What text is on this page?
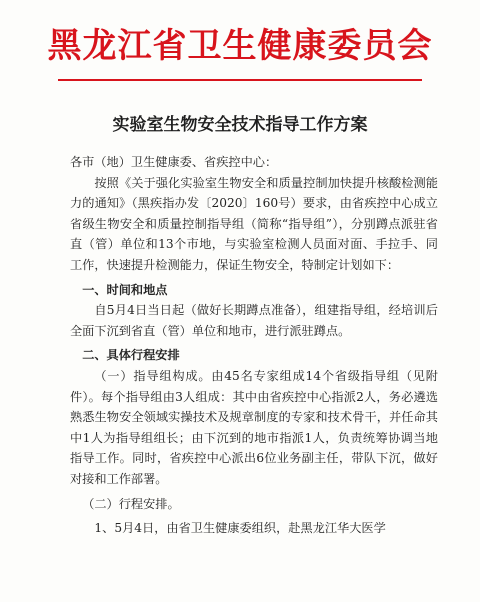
黑龙江省卫生健康委员会
实验室生物安全技术指导工作方案

各市（地）卫生健康委、省疾控中心：

按照《关于强化实验室生物安全和质量控制加快提升核酸检测能力的通知》（黑疾指办发〔2020〕160号）要求，由省疾控中心成立省级生物安全和质量控制指导组（简称“指导组”），分别蹲点派驻省直（管）单位和13个市地，与实验室检测人员面对面、手拉手、同工作，快速提升检测能力，保证生物安全，特制定计划如下：

一、时间和地点

自5月4日当日起（做好长期蹲点准备），组建指导组，经培训后全面下沉到省直（管）单位和地市，进行派驻蹲点。

二、具体行程安排

（一）指导组构成。由45名专家组成14个省级指导组（见附件）。每个指导组由3人组成：其中由省疾控中心指派2人，务必遴选熟悉生物安全领域实操技术及规章制度的专家和技术骨干，并任命其中1人为指导组组长；由下沉到的地市指派1人，负责统筹协调当地指导工作。同时，省疾控中心派出6位业务副主任，带队下沉，做好对接和工作部署。

（二）行程安排。

1、5月4日，由省卫生健康委组织，赴黑龙江华大医学
